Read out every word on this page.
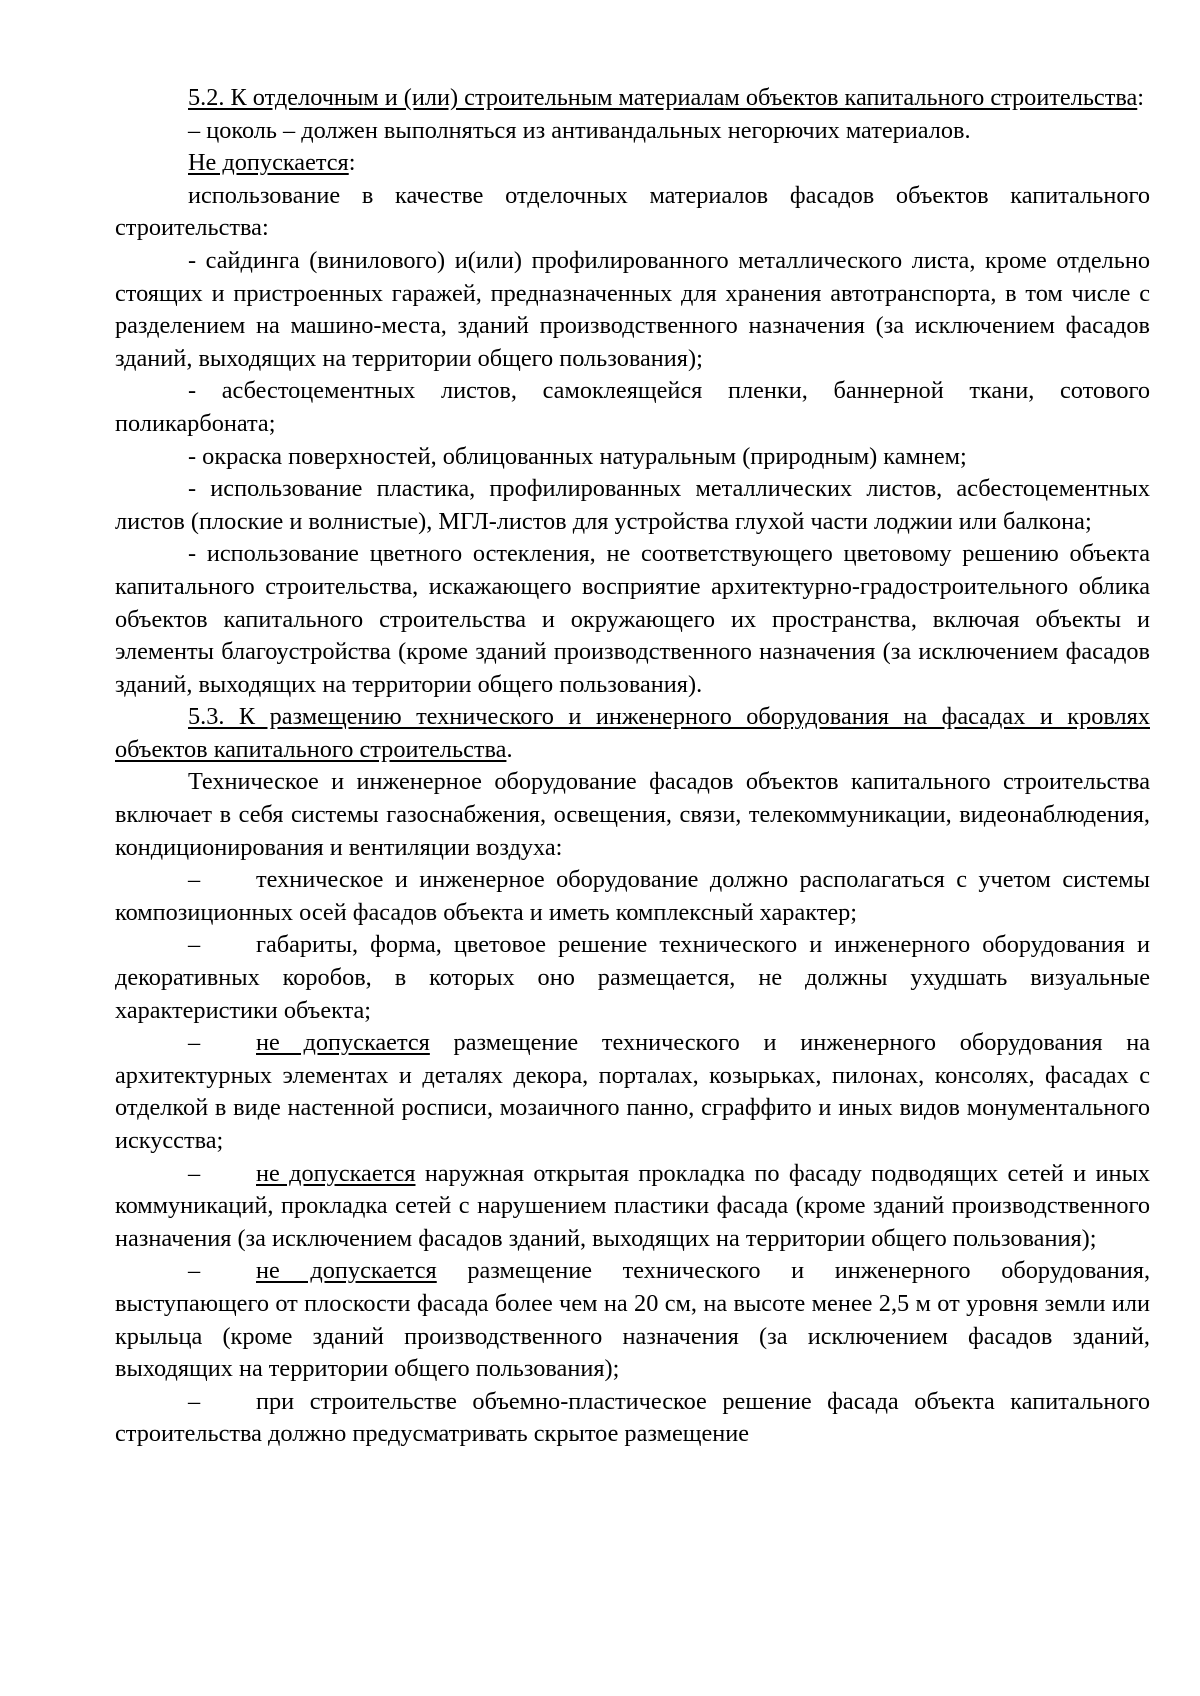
5.2. К отделочным и (или) строительным материалам объектов капитального строительства:

– цоколь – должен выполняться из антивандальных негорючих материалов.

Не допускается:

использование в качестве отделочных материалов фасадов объектов капитального строительства:

- сайдинга (винилового) и(или) профилированного металлического листа, кроме отдельно стоящих и пристроенных гаражей, предназначенных для хранения автотранспорта, в том числе с разделением на машино-места, зданий производственного назначения (за исключением фасадов зданий, выходящих на территории общего пользования);

- асбестоцементных листов, самоклеящейся пленки, баннерной ткани, сотового поликарбоната;

- окраска поверхностей, облицованных натуральным (природным) камнем;

- использование пластика, профилированных металлических листов, асбестоцементных листов (плоские и волнистые), МГЛ-листов для устройства глухой части лоджии или балкона;

- использование цветного остекления, не соответствующего цветовому решению объекта капитального строительства, искажающего восприятие архитектурно-градостроительного облика объектов капитального строительства и окружающего их пространства, включая объекты и элементы благоустройства (кроме зданий производственного назначения (за исключением фасадов зданий, выходящих на территории общего пользования).

5.3. К размещению технического и инженерного оборудования на фасадах и кровлях объектов капитального строительства.

Техническое и инженерное оборудование фасадов объектов капитального строительства включает в себя системы газоснабжения, освещения, связи, телекоммуникации, видеонаблюдения, кондиционирования и вентиляции воздуха:

– техническое и инженерное оборудование должно располагаться с учетом системы композиционных осей фасадов объекта и иметь комплексный характер;

– габариты, форма, цветовое решение технического и инженерного оборудования и декоративных коробов, в которых оно размещается, не должны ухудшать визуальные характеристики объекта;

– не допускается размещение технического и инженерного оборудования на архитектурных элементах и деталях декора, порталах, козырьках, пилонах, консолях, фасадах с отделкой в виде настенной росписи, мозаичного панно, сграффито и иных видов монументального искусства;

– не допускается наружная открытая прокладка по фасаду подводящих сетей и иных коммуникаций, прокладка сетей с нарушением пластики фасада (кроме зданий производственного назначения (за исключением фасадов зданий, выходящих на территории общего пользования);

– не допускается размещение технического и инженерного оборудования, выступающего от плоскости фасада более чем на 20 см, на высоте менее 2,5 м от уровня земли или крыльца (кроме зданий производственного назначения (за исключением фасадов зданий, выходящих на территории общего пользования);

– при строительстве объемно-пластическое решение фасада объекта капитального строительства должно предусматривать скрытое размещение
